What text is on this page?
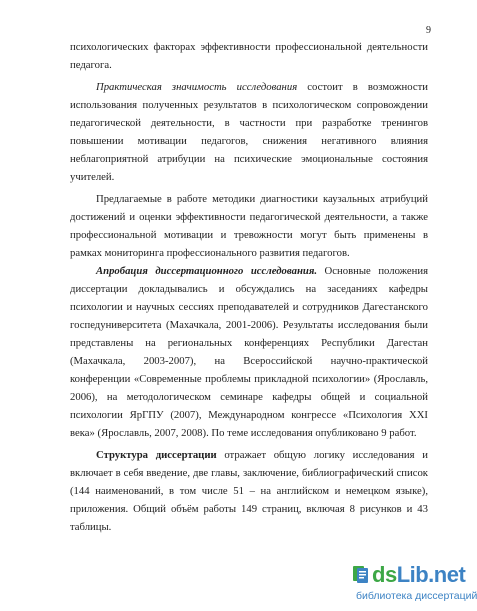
9
психологических факторах эффективности профессиональной деятельности педагога.
Практическая значимость исследования состоит в возможности использования полученных результатов в психологическом сопровождении педагогической деятельности, в частности при разработке тренингов повышении мотивации педагогов, снижения негативного влияния неблагоприятной атрибуции на психические эмоциональные состояния учителей.
Предлагаемые в работе методики диагностики каузальных атрибуций достижений и оценки эффективности педагогической деятельности, а также профессиональной мотивации и тревожности могут быть применены в рамках мониторинга профессионального развития педагогов.
Апробация диссертационного исследования. Основные положения диссертации докладывались и обсуждались на заседаниях кафедры психологии и научных сессиях преподавателей и сотрудников Дагестанского госпедуниверситета (Махачкала, 2001-2006). Результаты исследования были представлены на региональных конференциях Республики Дагестан (Махачкала, 2003-2007), на Всероссийской научно-практической конференции «Современные проблемы прикладной психологии» (Ярославль, 2006), на методологическом семинаре кафедры общей и социальной психологии ЯрГПУ (2007), Международном конгрессе «Психология XXI века» (Ярославль, 2007, 2008). По теме исследования опубликовано 9 работ.
Структура диссертации отражает общую логику исследования и включает в себя введение, две главы, заключение, библиографический список (144 наименований, в том числе 51 – на английском и немецком языке), приложения. Общий объём работы 149 страниц, включая 8 рисунков и 43 таблицы.
dsLib.net
библиотека диссертаций
